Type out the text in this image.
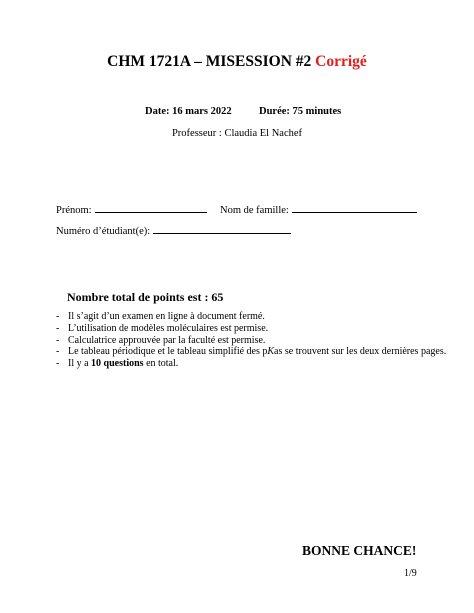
CHM 1721A – MISESSION #2 Corrigé
Date: 16 mars 2022	Durée: 75 minutes
Professeur : Claudia El Nachef
Prénom:	Nom de famille:
Numéro d’étudiant(e):
Nombre total de points est : 65
- Il s’agit d’un examen en ligne à document fermé.
- L’utilisation de modèles moléculaires est permise.
- Calculatrice approuvée par la faculté est permise.
- Le tableau périodique et le tableau simplifié des pKas se trouvent sur les deux dernières pages.
- Il y a 10 questions en total.
BONNE CHANCE!
1/9
